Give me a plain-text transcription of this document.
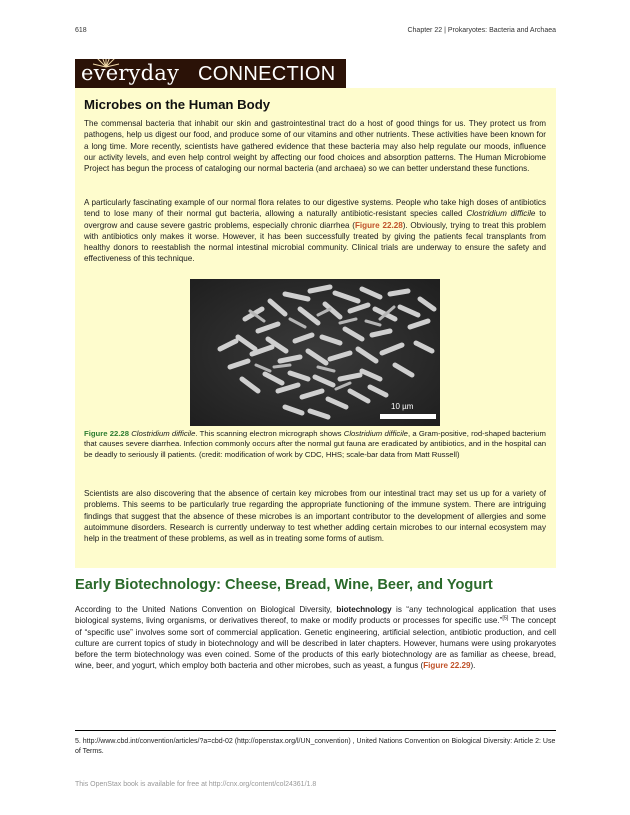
618	Chapter 22 | Prokaryotes: Bacteria and Archaea
everyday CONNECTION
Microbes on the Human Body

The commensal bacteria that inhabit our skin and gastrointestinal tract do a host of good things for us. They protect us from pathogens, help us digest our food, and produce some of our vitamins and other nutrients. These activities have been known for a long time. More recently, scientists have gathered evidence that these bacteria may also help regulate our moods, influence our activity levels, and even help control weight by affecting our food choices and absorption patterns. The Human Microbiome Project has begun the process of cataloging our normal bacteria (and archaea) so we can better understand these functions.

A particularly fascinating example of our normal flora relates to our digestive systems. People who take high doses of antibiotics tend to lose many of their normal gut bacteria, allowing a naturally antibiotic-resistant species called Clostridium difficile to overgrow and cause severe gastric problems, especially chronic diarrhea (Figure 22.28). Obviously, trying to treat this problem with antibiotics only makes it worse. However, it has been successfully treated by giving the patients fecal transplants from healthy donors to reestablish the normal intestinal microbial community. Clinical trials are underway to ensure the safety and effectiveness of this technique.

10 µm

Figure 22.28 Clostridium difficile. This scanning electron micrograph shows Clostridium difficile, a Gram-positive, rod-shaped bacterium that causes severe diarrhea. Infection commonly occurs after the normal gut fauna are eradicated by antibiotics, and in the hospital can be deadly to seriously ill patients. (credit: modification of work by CDC, HHS; scale-bar data from Matt Russell)

Scientists are also discovering that the absence of certain key microbes from our intestinal tract may set us up for a variety of problems. This seems to be particularly true regarding the appropriate functioning of the immune system. There are intriguing findings that suggest that the absence of these microbes is an important contributor to the development of allergies and some autoimmune disorders. Research is currently underway to test whether adding certain microbes to our internal ecosystem may help in the treatment of these problems, as well as in treating some forms of autism.

Early Biotechnology: Cheese, Bread, Wine, Beer, and Yogurt

According to the United Nations Convention on Biological Diversity, biotechnology is “any technological application that uses biological systems, living organisms, or derivatives thereof, to make or modify products or processes for specific use.”[5] The concept of “specific use” involves some sort of commercial application. Genetic engineering, artificial selection, antibiotic production, and cell culture are current topics of study in biotechnology and will be described in later chapters. However, humans were using prokaryotes before the term biotechnology was even coined. Some of the products of this early biotechnology are as familiar as cheese, bread, wine, beer, and yogurt, which employ both bacteria and other microbes, such as yeast, a fungus (Figure 22.29).

5. http://www.cbd.int/convention/articles/?a=cbd-02 (http://openstax.org/l/UN_convention) , United Nations Convention on Biological Diversity: Article 2: Use of Terms.

This OpenStax book is available for free at http://cnx.org/content/col24361/1.8
